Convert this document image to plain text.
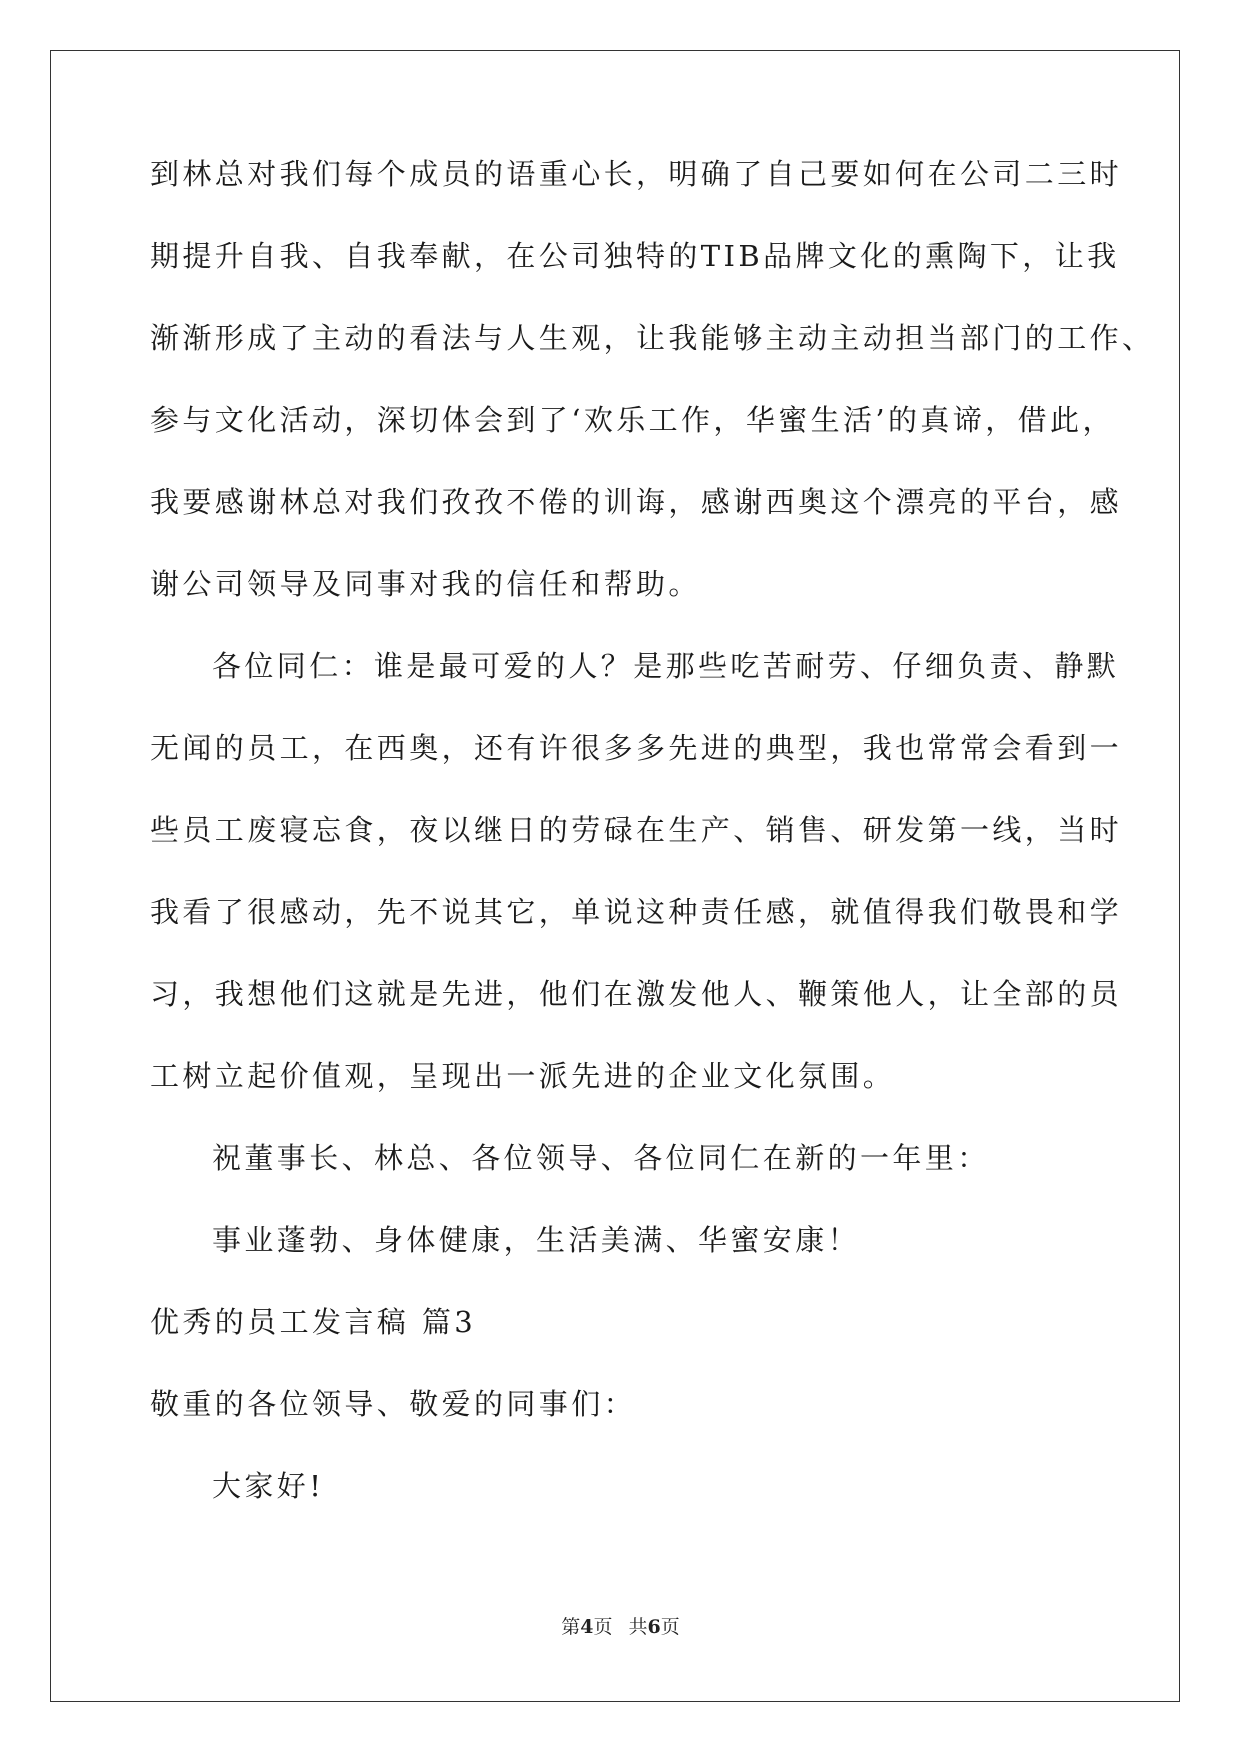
到林总对我们每个成员的语重心长，明确了自己要如何在公司二三时
期提升自我、自我奉献，在公司独特的TIB品牌文化的熏陶下，让我
渐渐形成了主动的看法与人生观，让我能够主动主动担当部门的工作、
参与文化活动，深切体会到了‘欢乐工作，华蜜生活’的真谛，借此，
我要感谢林总对我们孜孜不倦的训诲，感谢西奥这个漂亮的平台，感
谢公司领导及同事对我的信任和帮助。
各位同仁：谁是最可爱的人？是那些吃苦耐劳、仔细负责、静默
无闻的员工，在西奥，还有许很多多先进的典型，我也常常会看到一
些员工废寝忘食，夜以继日的劳碌在生产、销售、研发第一线，当时
我看了很感动，先不说其它，单说这种责任感，就值得我们敬畏和学
习，我想他们这就是先进，他们在激发他人、鞭策他人，让全部的员
工树立起价值观，呈现出一派先进的企业文化氛围。
祝董事长、林总、各位领导、各位同仁在新的一年里：
事业蓬勃、身体健康，生活美满、华蜜安康！
优秀的员工发言稿 篇3
敬重的各位领导、敬爱的同事们：
大家好!
第4页 共6页
